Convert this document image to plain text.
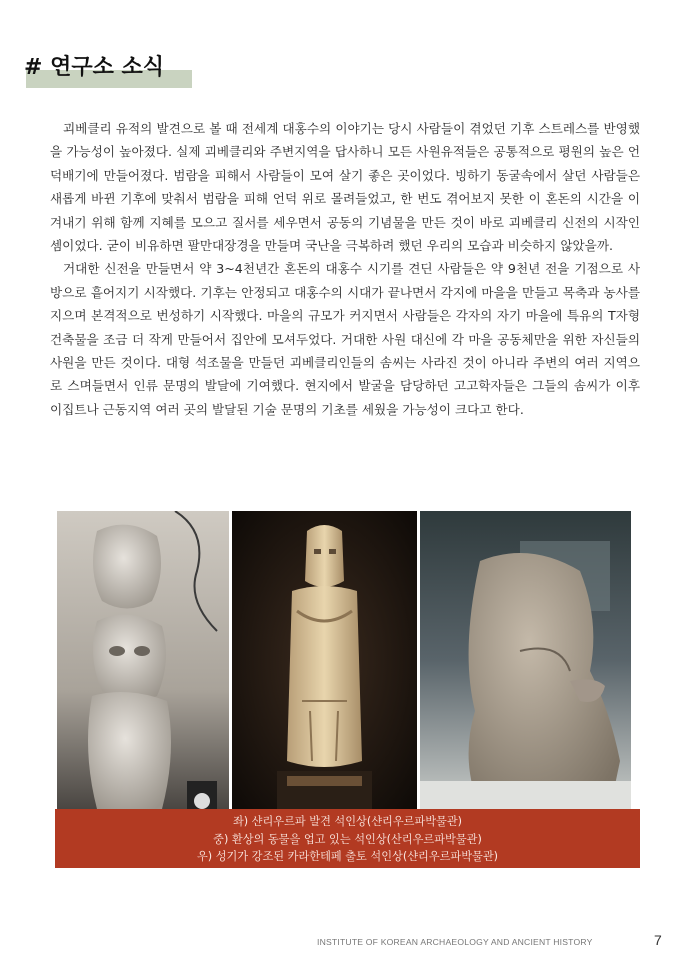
# 연구소 소식

괴베클리 유적의 발견으로 볼 때 전세계 대홍수의 이야기는 당시 사람들이 겪었던 기후 스트레스를 반영했을 가능성이 높아졌다. 실제 괴베클리와 주변지역을 답사하니 모든 사원유적들은 공통적으로 평원의 높은 언덕배기에 만들어졌다. 범람을 피해서 사람들이 모여 살기 좋은 곳이었다. 빙하기 동굴속에서 살던 사람들은 새롭게 바뀐 기후에 맞춰서 범람을 피해 언덕 위로 몰려들었고, 한 번도 겪어보지 못한 이 혼돈의 시간을 이겨내기 위해 함께 지혜를 모으고 질서를 세우면서 공동의 기념물을 만든 것이 바로 괴베클리 신전의 시작인 셈이었다. 굳이 비유하면 팔만대장경을 만들며 국난을 극복하려 했던 우리의 모습과 비슷하지 않았을까.

거대한 신전을 만들면서 약 3~4천년간 혼돈의 대홍수 시기를 견딘 사람들은 약 9천년 전을 기점으로 사방으로 흩어지기 시작했다. 기후는 안정되고 대홍수의 시대가 끝나면서 각지에 마을을 만들고 목축과 농사를 지으며 본격적으로 번성하기 시작했다. 마을의 규모가 커지면서 사람들은 각자의 자기 마을에 특유의 T자형 건축물을 조금 더 작게 만들어서 집안에 모셔두었다. 거대한 사원 대신에 각 마을 공동체만을 위한 자신들의 사원을 만든 것이다. 대형 석조물을 만들던 괴베클리인들의 솜씨는 사라진 것이 아니라 주변의 여러 지역으로 스며들면서 인류 문명의 발달에 기여했다. 현지에서 발굴을 담당하던 고고학자들은 그들의 솜씨가 이후 이집트나 근동지역 여러 곳의 발달된 기술 문명의 기초를 세웠을 가능성이 크다고 한다.

좌) 샨리우르파 발견 석인상(샨리우르파박물관)
중) 환상의 동물을 업고 있는 석인상(산리우르파박물관)
우) 성기가 강조된 카라한테페 출토 석인상(샨리우르파박물관)
INSTITUTE OF KOREAN ARCHAEOLOGY AND ANCIENT HISTORY	7
